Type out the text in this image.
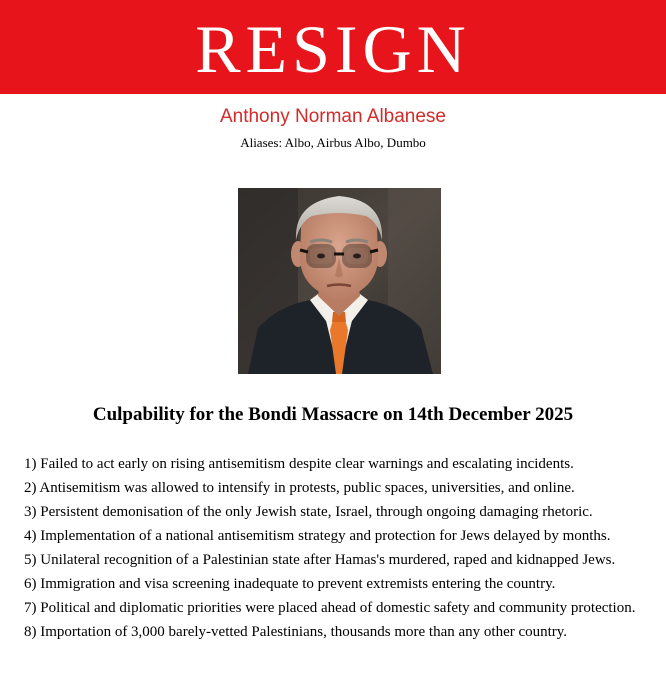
RESIGN
Anthony Norman Albanese
Aliases: Albo, Airbus Albo, Dumbo
Culpability for the Bondi Massacre on 14th December 2025
1) Failed to act early on rising antisemitism despite clear warnings and escalating incidents.
2) Antisemitism was allowed to intensify in protests, public spaces, universities, and online.
3) Persistent demonisation of the only Jewish state, Israel, through ongoing damaging rhetoric.
4) Implementation of a national antisemitism strategy and protection for Jews delayed by months.
5) Unilateral recognition of a Palestinian state after Hamas's murdered, raped and kidnapped Jews.
6) Immigration and visa screening inadequate to prevent extremists entering the country.
7) Political and diplomatic priorities were placed ahead of domestic safety and community protection.
8) Importation of 3,000 barely-vetted Palestinians, thousands more than any other country.
